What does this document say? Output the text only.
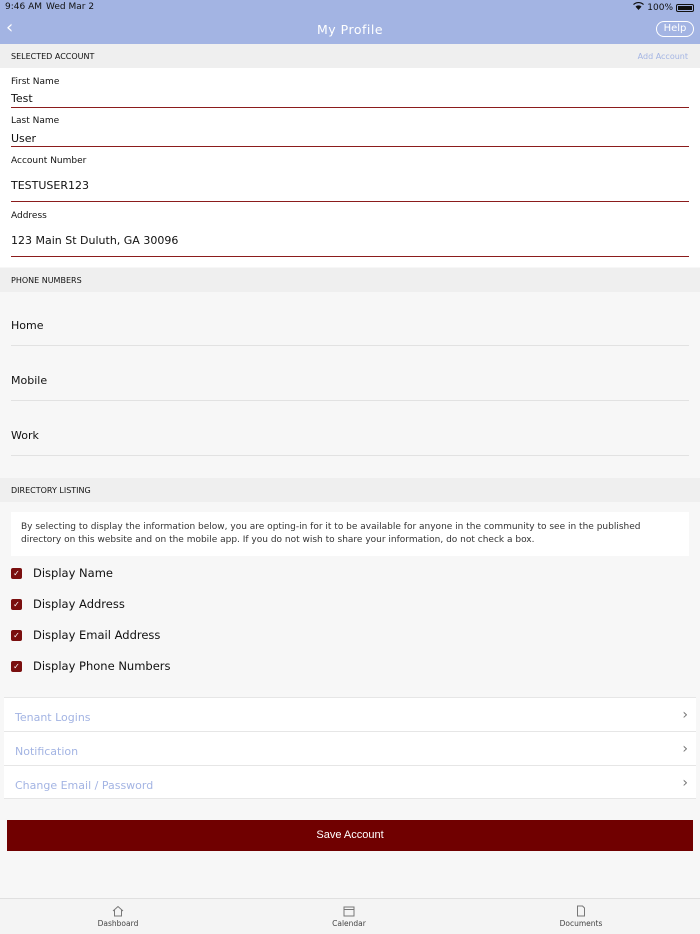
9:46 AM Wed Mar 2	100%
‹	My Profile	Help
SELECTED ACCOUNT	Add Account
First Name
Test
Last Name
User
Account Number
TESTUSER123
Address
123 Main St Duluth, GA 30096
PHONE NUMBERS
Home
Mobile
Work
DIRECTORY LISTING
By selecting to display the information below, you are opting-in for it to be available for anyone in the community to see in the published directory on this website and on the mobile app. If you do not wish to share your information, do not check a box.
✓ Display Name
✓ Display Address
✓ Display Email Address
✓ Display Phone Numbers
Tenant Logins	›
Notification	›
Change Email / Password	›
Save Account
Dashboard	Calendar	Documents
